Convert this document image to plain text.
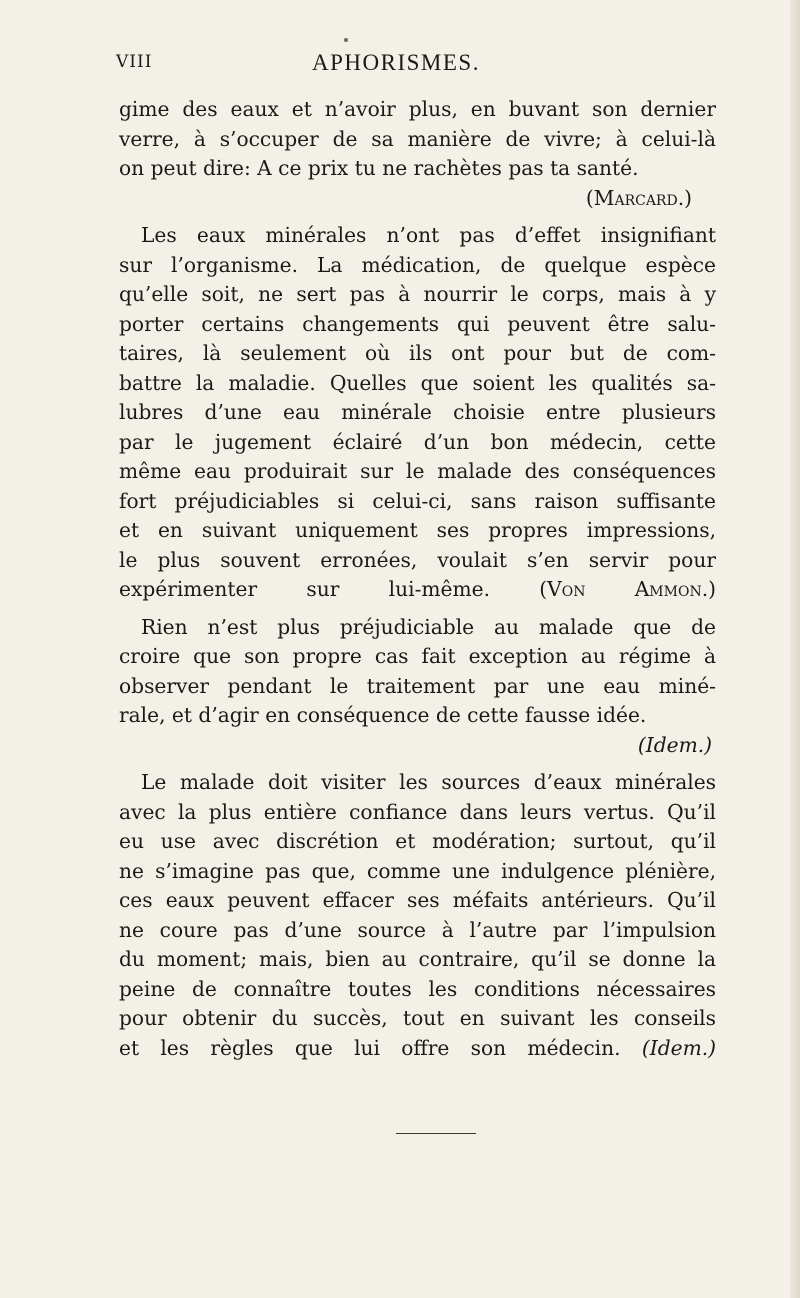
VIII	APHORISMES.
gime des eaux et n’avoir plus, en buvant son dernier
verre, à s’occuper de sa manière de vivre; à celui-là
on peut dire: A ce prix tu ne rachètes pas ta santé.
(Marcard.)
Les eaux minérales n’ont pas d’effet insignifiant
sur l’organisme. La médication, de quelque espèce
qu’elle soit, ne sert pas à nourrir le corps, mais à y
porter certains changements qui peuvent être salu-
taires, là seulement où ils ont pour but de com-
battre la maladie. Quelles que soient les qualités sa-
lubres d’une eau minérale choisie entre plusieurs
par le jugement éclairé d’un bon médecin, cette
même eau produirait sur le malade des conséquences
fort préjudiciables si celui-ci, sans raison suffisante
et en suivant uniquement ses propres impressions,
le plus souvent erronées, voulait s’en servir pour
expérimenter sur lui-même. (Von Ammon.)
Rien n’est plus préjudiciable au malade que de
croire que son propre cas fait exception au régime à
observer pendant le traitement par une eau miné-
rale, et d’agir en conséquence de cette fausse idée.
(Idem.)
Le malade doit visiter les sources d’eaux minérales
avec la plus entière confiance dans leurs vertus. Qu’il
eu use avec discrétion et modération; surtout, qu’il
ne s’imagine pas que, comme une indulgence plénière,
ces eaux peuvent effacer ses méfaits antérieurs. Qu’il
ne coure pas d’une source à l’autre par l’impulsion
du moment; mais, bien au contraire, qu’il se donne la
peine de connaître toutes les conditions nécessaires
pour obtenir du succès, tout en suivant les conseils
et les règles que lui offre son médecin. (Idem.)
